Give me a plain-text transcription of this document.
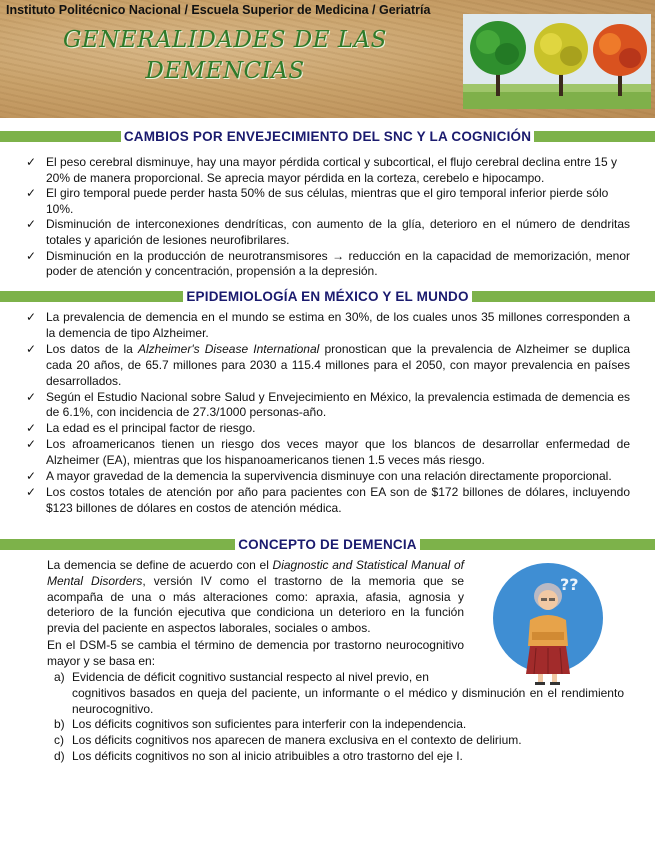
Instituto Politécnico Nacional / Escuela Superior de Medicina / Geriatría
GENERALIDADES DE LAS
DEMENCIAS
CAMBIOS POR ENVEJECIMIENTO DEL SNC Y LA COGNICIÓN
✓ El peso cerebral disminuye, hay una mayor pérdida cortical y subcortical, el flujo cerebral declina entre 15 y 20% de manera proporcional. Se aprecia mayor pérdida en la corteza, cerebelo e hipocampo.
✓ El giro temporal puede perder hasta 50% de sus células, mientras que el giro temporal inferior pierde sólo 10%.
✓ Disminución de interconexiones dendríticas, con aumento de la glía, deterioro en el número de dendritas totales y aparición de lesiones neurofibrilares.
✓ Disminución en la producción de neurotransmisores → reducción en la capacidad de memorización, menor poder de atención y concentración, propensión a la depresión.
EPIDEMIOLOGÍA EN MÉXICO Y EL MUNDO
✓ La prevalencia de demencia en el mundo se estima en 30%, de los cuales unos 35 millones corresponden a la demencia de tipo Alzheimer.
✓ Los datos de la Alzheimer's Disease International pronostican que la prevalencia de Alzheimer se duplica cada 20 años, de 65.7 millones para 2030 a 115.4 millones para el 2050, con mayor prevalencia en países desarrollados.
✓ Según el Estudio Nacional sobre Salud y Envejecimiento en México, la prevalencia estimada de demencia es de 6.1%, con incidencia de 27.3/1000 personas-año.
✓ La edad es el principal factor de riesgo.
✓ Los afroamericanos tienen un riesgo dos veces mayor que los blancos de desarrollar enfermedad de Alzheimer (EA), mientras que los hispanoamericanos tienen 1.5 veces más riesgo.
✓ A mayor gravedad de la demencia la supervivencia disminuye con una relación directamente proporcional.
✓ Los costos totales de atención por año para pacientes con EA son de $172 billones de dólares, incluyendo $123 billones de dólares en costos de atención médica.
CONCEPTO DE DEMENCIA
La demencia se define de acuerdo con el Diagnostic and Statistical Manual of Mental Disorders, versión IV como el trastorno de la memoria que se acompaña de una o más alteraciones como: apraxia, afasia, agnosia y deterioro de la función ejecutiva que condiciona un deterioro en la función previa del paciente en aspectos laborales, sociales o ambos.
En el DSM-5 se cambia el término de demencia por trastorno neurocognitivo mayor y se basa en:
??
a) Evidencia de déficit cognitivo sustancial respecto al nivel previo, en
cognitivos basados en queja del paciente, un informante o el médico y disminución en el rendimiento neurocognitivo.
b) Los déficits cognitivos son suficientes para interferir con la independencia.
c) Los déficits cognitivos nos aparecen de manera exclusiva en el contexto de delirium.
d) Los déficits cognitivos no son al inicio atribuibles a otro trastorno del eje I.
